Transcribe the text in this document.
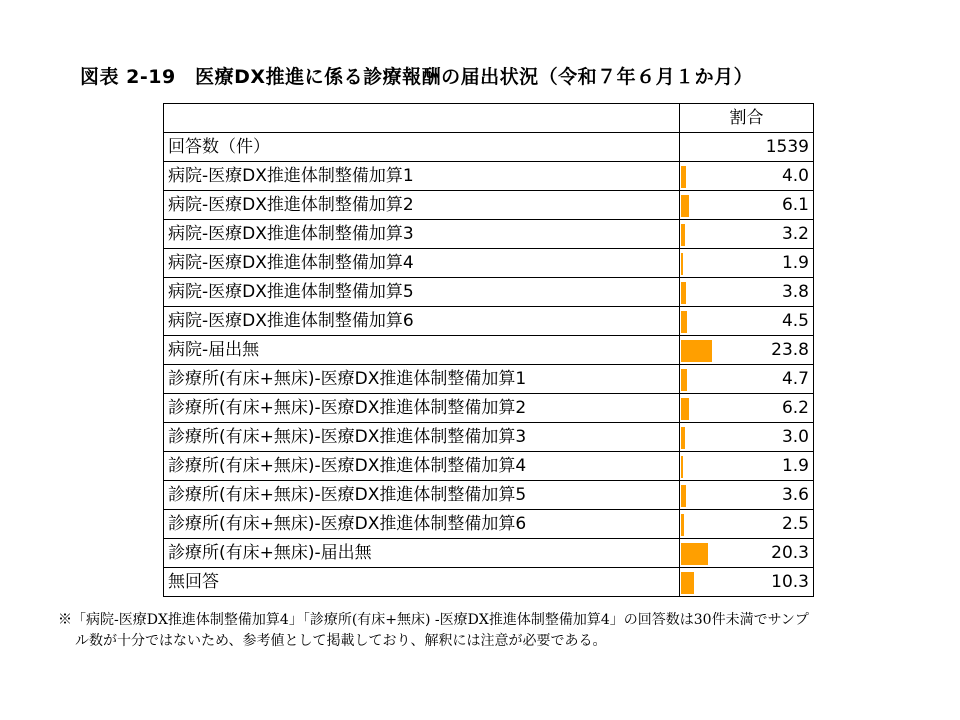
図表 2-19　医療DX推進に係る診療報酬の届出状況（令和７年６月１か月）
	割合
回答数（件）	1539

病院-医療DX推進体制整備加算1	4.0

病院-医療DX推進体制整備加算2	6.1

病院-医療DX推進体制整備加算3	3.2

病院-医療DX推進体制整備加算4	1.9

病院-医療DX推進体制整備加算5	3.8

病院-医療DX推進体制整備加算6	4.5

病院-届出無	23.8

診療所(有床+無床)-医療DX推進体制整備加算1	4.7

診療所(有床+無床)-医療DX推進体制整備加算2	6.2

診療所(有床+無床)-医療DX推進体制整備加算3	3.0

診療所(有床+無床)-医療DX推進体制整備加算4	1.9

診療所(有床+無床)-医療DX推進体制整備加算5	3.6

診療所(有床+無床)-医療DX推進体制整備加算6	2.5

診療所(有床+無床)-届出無	20.3

無回答	10.3
※「病院-医療DX推進体制整備加算4」「診療所(有床+無床) -医療DX推進体制整備加算4」の回答数は30件未満でサンプ
ル数が十分ではないため、参考値として掲載しており、解釈には注意が必要である。
